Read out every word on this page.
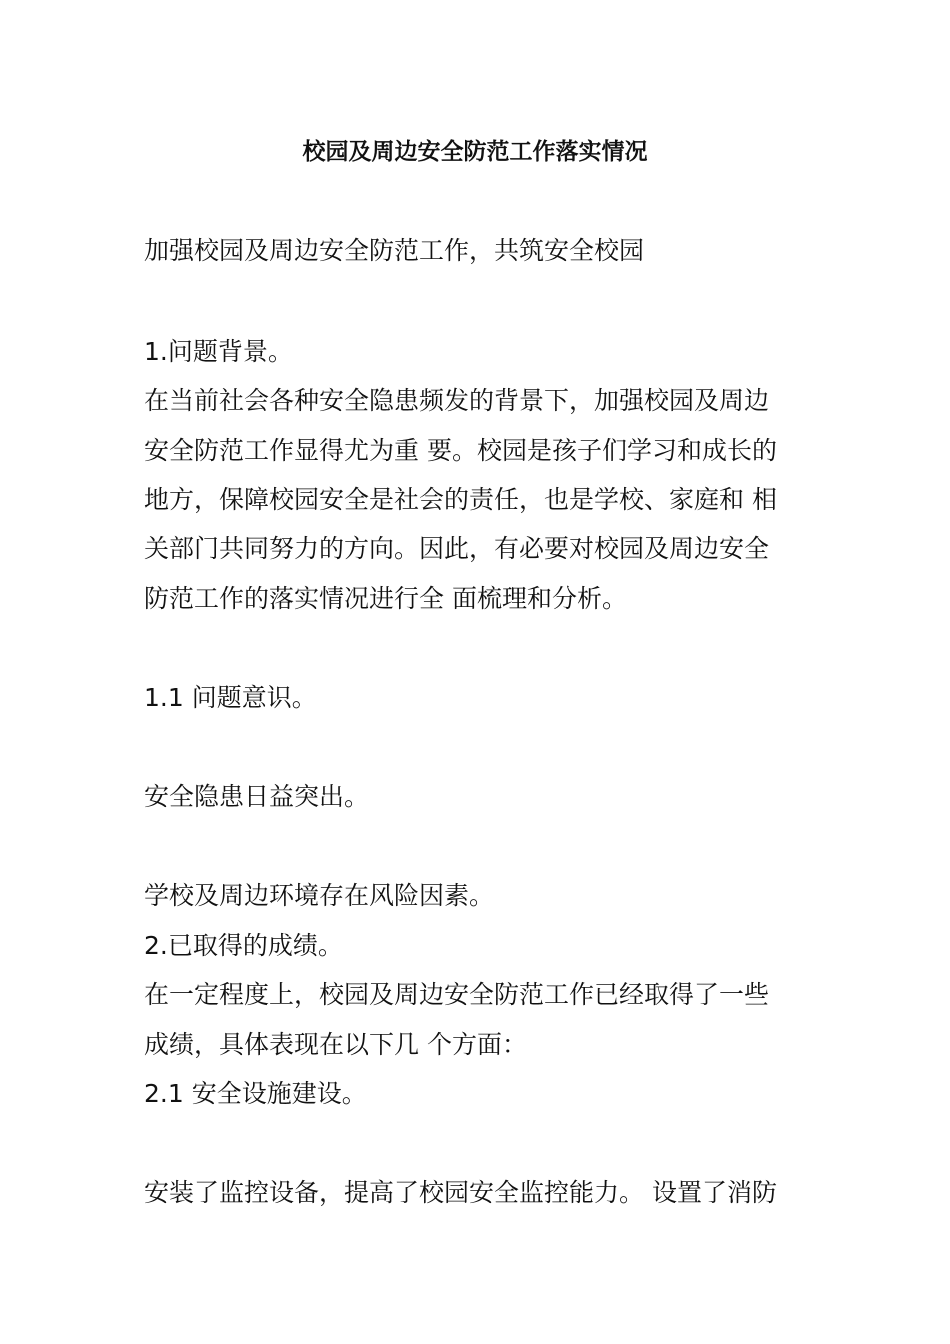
校园及周边安全防范工作落实情况
加强校园及周边安全防范工作，共筑安全校园
1.问题背景。
在当前社会各种安全隐患频发的背景下，加强校园及周边
安全防范工作显得尤为重 要。校园是孩子们学习和成长的
地方，保障校园安全是社会的责任，也是学校、家庭和 相
关部门共同努力的方向。因此，有必要对校园及周边安全
防范工作的落实情况进行全 面梳理和分析。
1.1 问题意识。
安全隐患日益突出。
学校及周边环境存在风险因素。
2.已取得的成绩。
在一定程度上，校园及周边安全防范工作已经取得了一些
成绩，具体表现在以下几 个方面：
2.1 安全设施建设。
安装了监控设备，提高了校园安全监控能力。 设置了消防
